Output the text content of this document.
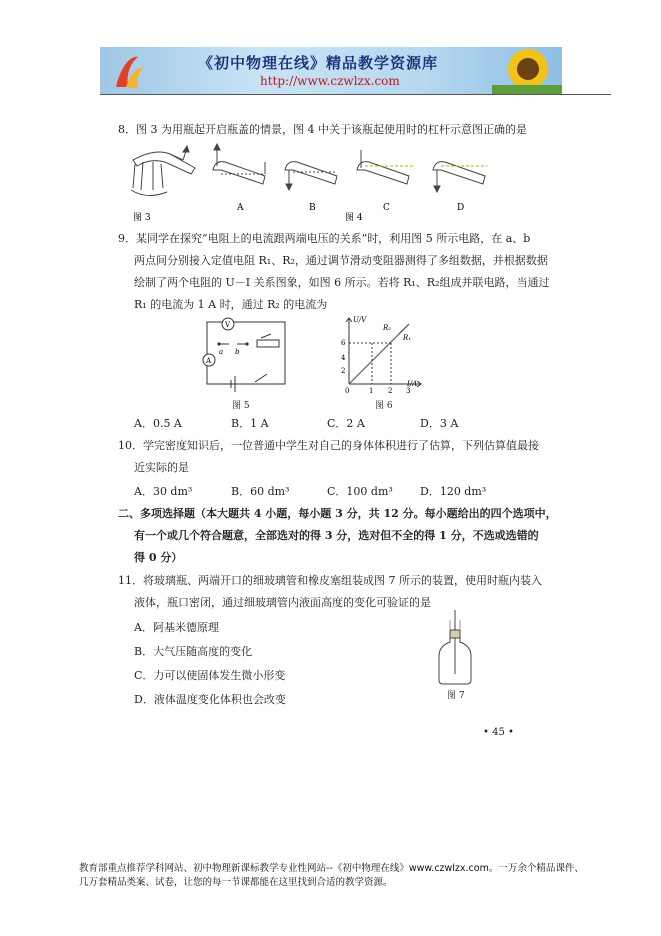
《初中物理在线》精品教学资源库
http://www.czwlzx.com
8．图 3 为用瓶起开启瓶盖的情景，图 4 中关于该瓶起使用时的杠杆示意图正确的是
图 3
A	B
图 4
C	D
9．某同学在探究“电阻上的电流跟两端电压的关系”时，利用图 5 所示电路，在 a、b
两点间分别接入定值电阻 R₁、R₂，通过调节滑动变阻器测得了多组数据，并根据数据
绘制了两个电阻的 U－I 关系图象，如图 6 所示。若将 R₁、R₂组成并联电路，当通过
R₁ 的电流为 1 A 时，通过 R₂ 的电流为
V
A
a b
图 5
U/V
I/A
6
4
2
0	1 2 3
R₂
R₁
图 6
A．0.5 A	B．1 A	C．2 A	D．3 A
10．学完密度知识后，一位普通中学生对自己的身体体积进行了估算，下列估算值最接
近实际的是
A．30 dm³	B．60 dm³	C．100 dm³ D．120 dm³
二、多项选择题（本大题共 4 小题，每小题 3 分，共 12 分。每小题给出的四个选项中，
有一个或几个符合题意，全部选对的得 3 分，选对但不全的得 1 分，不选或选错的
得 0 分）
11．将玻璃瓶、两端开口的细玻璃管和橡皮塞组装成图 7 所示的装置，使用时瓶内装入
液体，瓶口密闭，通过细玻璃管内液面高度的变化可验证的是
A．阿基米德原理
B．大气压随高度的变化
C．力可以使固体发生微小形变
D．液体温度变化体积也会改变	图 7
• 45 •
教育部重点推荐学科网站、初中物理新课标教学专业性网站--《初中物理在线》www.czwlzx.com。一万余个精品课件、
几万套精品类案、试卷，让您的每一节课都能在这里找到合适的教学资源。
